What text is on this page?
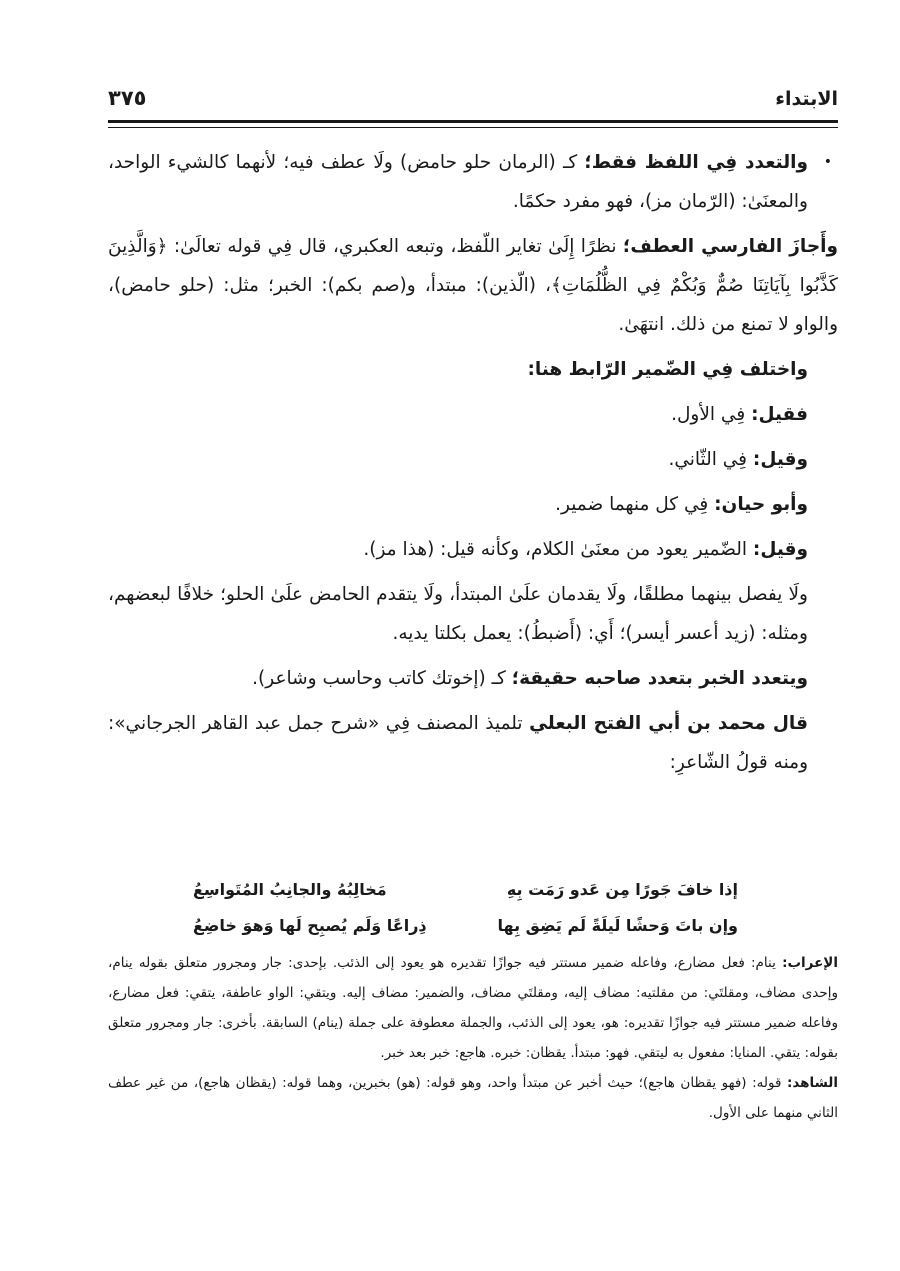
الابتداء
٣٧٥

•
والتعدد فِي اللفظ فقط؛ كـ (الرمان حلو حامض) ولَا عطف فيه؛ لأنهما كالشيء الواحد، والمعنَىٰ: (الرّمان مز)، فهو مفرد حكمًا.

وأَجازَ الفارسي العطف؛ نظرًا إِلَىٰ تغاير اللّفظ، وتبعه العكبري، قال فِي قوله تعالَىٰ: ﴿وَالَّذِينَ كَذَّبُوا بِآيَاتِنَا صُمٌّ وَبُكْمٌ فِي الظُّلُمَاتِ﴾، (الّذين): مبتدأ، و(صم بكم): الخبر؛ مثل: (حلو حامض)، والواو لا تمنع من ذلك. انتهَىٰ.

واختلف فِي الضّمير الرّابط هنا:

فقيل: فِي الأول.

وقيل: فِي الثّاني.

وأبو حيان: فِي كل منهما ضمير.

وقيل: الضّمير يعود من معنَىٰ الكلام، وكأنه قيل: (هذا مز).

ولَا يفصل بينهما مطلقًا، ولَا يقدمان علَىٰ المبتدأ، ولَا يتقدم الحامض علَىٰ الحلو؛ خلافًا لبعضهم، ومثله: (زيد أعسر أيسر)؛ أَي: (أَضبطُ): يعمل بكلتا يديه.

ويتعدد الخبر بتعدد صاحبه حقيقة؛ كـ (إخوتك كاتب وحاسب وشاعر).

قال محمد بن أبي الفتح البعلي تلميذ المصنف فِي «شرح جمل عبد القاهر الجرجاني»: ومنه قولُ الشّاعرِ:

إذا خافَ جَورًا مِن عَدو رَمَت بِهِ
مَخالِبُهُ والجانِبُ المُتَواسِعُ
وإن باتَ وَحشًا لَيلَةً لَم يَضِق بِها
ذِراعًا وَلَم يُصبِح لَها وَهوَ خاضِعُ

الإعراب: ينام: فعل مضارع، وفاعله ضمير مستتر فيه جوازًا تقديره هو يعود إلى الذئب. بإحدى: جار ومجرور متعلق بقوله ينام، وإحدى مضاف، ومقلتَي: من مقلتيه: مضاف إليه، ومقلتَي مضاف، والضمير: مضاف إليه. ويتقي: الواو عاطفة، يتقي: فعل مضارع، وفاعله ضمير مستتر فيه جوازًا تقديره: هو، يعود إلى الذئب، والجملة معطوفة على جملة (ينام) السابقة. بأخرى: جار ومجرور متعلق بقوله: يتقي. المنايا: مفعول به ليتقي. فهو: مبتدأ. يقظان: خبره. هاجع: خبر بعد خبر.

الشاهد: قوله: (فهو يقظان هاجع)؛ حيث أخبر عن مبتدأ واحد، وهو قوله: (هو) بخبرين، وهما قوله: (يقظان هاجع)، من غير عطف الثاني منهما على الأول.
